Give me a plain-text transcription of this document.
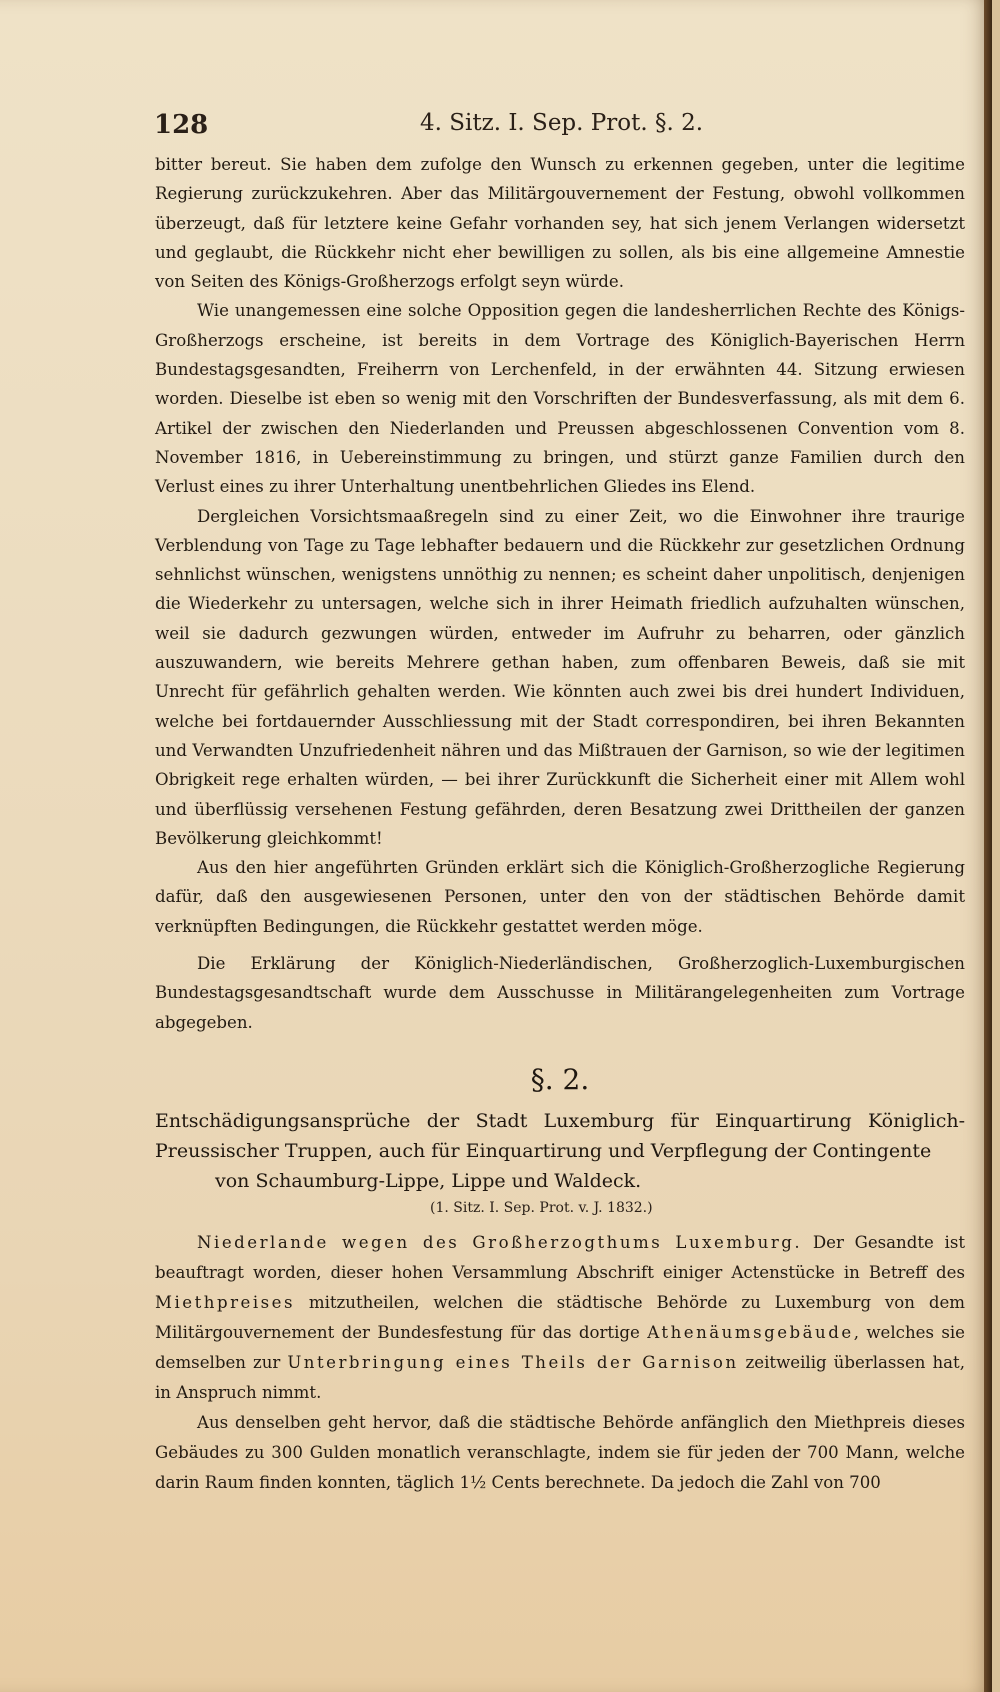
128	4. Sitz. I. Sep. Prot. §. 2.

bitter bereut. Sie haben dem zufolge den Wunsch zu erkennen gegeben, unter die legitime Regierung zurückzukehren. Aber das Militärgouvernement der Festung, obwohl vollkommen überzeugt, daß für letztere keine Gefahr vorhanden sey, hat sich jenem Verlangen widersetzt und geglaubt, die Rückkehr nicht eher bewilligen zu sollen, als bis eine allgemeine Amnestie von Seiten des Königs-Großherzogs erfolgt seyn würde.

Wie unangemessen eine solche Opposition gegen die landesherrlichen Rechte des Königs-Großherzogs erscheine, ist bereits in dem Vortrage des Königlich-Bayerischen Herrn Bundestagsgesandten, Freiherrn von Lerchenfeld, in der erwähnten 44. Sitzung erwiesen worden. Dieselbe ist eben so wenig mit den Vorschriften der Bundesverfassung, als mit dem 6. Artikel der zwischen den Niederlanden und Preussen abgeschlossenen Convention vom 8. November 1816, in Uebereinstimmung zu bringen, und stürzt ganze Familien durch den Verlust eines zu ihrer Unterhaltung unentbehrlichen Gliedes ins Elend.

Dergleichen Vorsichtsmaaßregeln sind zu einer Zeit, wo die Einwohner ihre traurige Verblendung von Tage zu Tage lebhafter bedauern und die Rückkehr zur gesetzlichen Ordnung sehnlichst wünschen, wenigstens unnöthig zu nennen; es scheint daher unpolitisch, denjenigen die Wiederkehr zu untersagen, welche sich in ihrer Heimath friedlich aufzuhalten wünschen, weil sie dadurch gezwungen würden, entweder im Aufruhr zu beharren, oder gänzlich auszuwandern, wie bereits Mehrere gethan haben, zum offenbaren Beweis, daß sie mit Unrecht für gefährlich gehalten werden. Wie könnten auch zwei bis drei hundert Individuen, welche bei fortdauernder Ausschliessung mit der Stadt correspondiren, bei ihren Bekannten und Verwandten Unzufriedenheit nähren und das Mißtrauen der Garnison, so wie der legitimen Obrigkeit rege erhalten würden, — bei ihrer Zurückkunft die Sicherheit einer mit Allem wohl und überflüssig versehenen Festung gefährden, deren Besatzung zwei Drittheilen der ganzen Bevölkerung gleichkommt!

Aus den hier angeführten Gründen erklärt sich die Königlich-Großherzogliche Regierung dafür, daß den ausgewiesenen Personen, unter den von der städtischen Behörde damit verknüpften Bedingungen, die Rückkehr gestattet werden möge.

Die Erklärung der Königlich-Niederländischen, Großherzoglich-Luxemburgischen Bundestagsgesandtschaft wurde dem Ausschusse in Militärangelegenheiten zum Vortrage abgegeben.

§. 2.
Entschädigungsansprüche der Stadt Luxemburg für Einquartirung Königlich-Preussischer Truppen, auch für Einquartirung und Verpflegung der Contingente
von Schaumburg-Lippe, Lippe und Waldeck.
(1. Sitz. I. Sep. Prot. v. J. 1832.)

Niederlande wegen des Großherzogthums Luxemburg. Der Gesandte ist beauftragt worden, dieser hohen Versammlung Abschrift einiger Actenstücke in Betreff des Miethpreises mitzutheilen, welchen die städtische Behörde zu Luxemburg von dem Militärgouvernement der Bundesfestung für das dortige Athenäumsgebäude, welches sie demselben zur Unterbringung eines Theils der Garnison zeitweilig überlassen hat, in Anspruch nimmt.

Aus denselben geht hervor, daß die städtische Behörde anfänglich den Miethpreis dieses Gebäudes zu 300 Gulden monatlich veranschlagte, indem sie für jeden der 700 Mann, welche darin Raum finden konnten, täglich 1½ Cents berechnete. Da jedoch die Zahl von 700
